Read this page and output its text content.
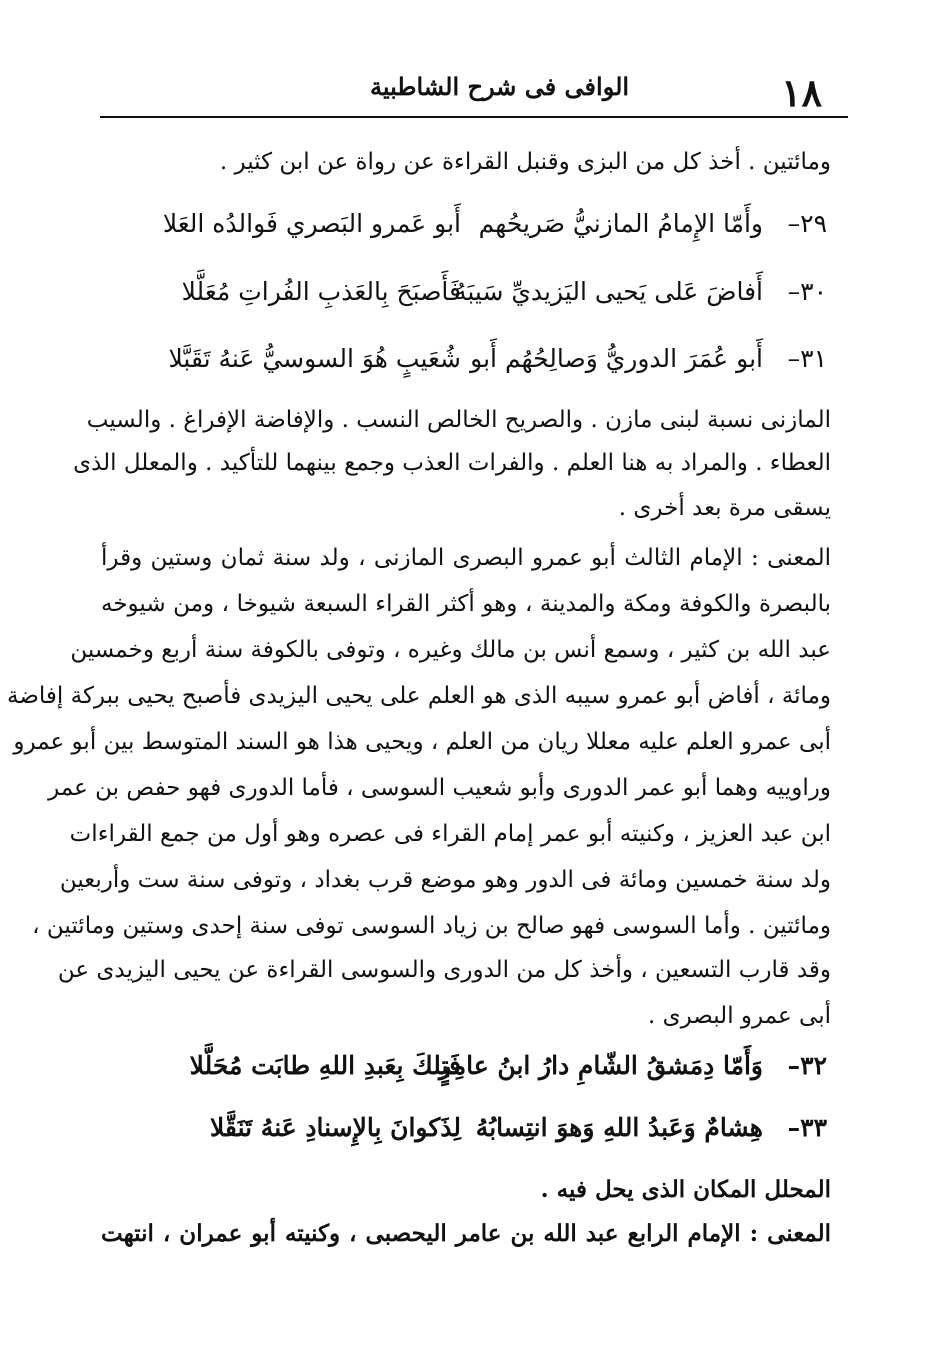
١٨
الوافى فى شرح الشاطبية
ومائتين . أخذ كل من البزى وقنبل القراءة عن رواة عن ابن كثير .
٢٩–
وأَمّا الإِمامُ المازنيُّ صَريحُهم
أَبو عَمرو البَصري فَوالدُه العَلا
٣٠–
أَفاضَ عَلى يَحيى اليَزيديِّ سَيبَهُ
فَأَصبَحَ بِالعَذبِ الفُراتِ مُعَلَّلا
٣١–
أَبو عُمَرَ الدوريُّ وَصالِحُهُم أَبو
شُعَيبٍ هُوَ السوسيُّ عَنهُ تَقَبَّلا
المازنى نسبة لبنى مازن . والصريح الخالص النسب . والإفاضة الإفراغ . والسيب
العطاء . والمراد به هنا العلم . والفرات العذب وجمع بينهما للتأكيد . والمعلل الذى
يسقى مرة بعد أخرى .
المعنى : الإمام الثالث أبو عمرو البصرى المازنى ، ولد سنة ثمان وستين وقرأ
بالبصرة والكوفة ومكة والمدينة ، وهو أكثر القراء السبعة شيوخا ، ومن شيوخه
عبد الله بن كثير ، وسمع أنس بن مالك وغيره ، وتوفى بالكوفة سنة أربع وخمسين
ومائة ، أفاض أبو عمرو سيبه الذى هو العلم على يحيى اليزيدى فأصبح يحيى ببركة إفاضة
أبى عمرو العلم عليه معللا ريان من العلم ، ويحيى هذا هو السند المتوسط بين أبو عمرو
وراوييه وهما أبو عمر الدورى وأبو شعيب السوسى ، فأما الدورى فهو حفص بن عمر
ابن عبد العزيز ، وكنيته أبو عمر إمام القراء فى عصره وهو أول من جمع القراءات
ولد سنة خمسين ومائة فى الدور وهو موضع قرب بغداد ، وتوفى سنة ست وأربعين
ومائتين . وأما السوسى فهو صالح بن زياد السوسى توفى سنة إحدى وستين ومائتين ،
وقد قارب التسعين ، وأخذ كل من الدورى والسوسى القراءة عن يحيى اليزيدى عن
أبى عمرو البصرى .
٣٢–
وَأَمّا دِمَشقُ الشّامِ دارُ ابنُ عامِرٍ
فَتِلكَ بِعَبدِ اللهِ طابَت مُحَلَّلا
٣٣–
هِشامٌ وَعَبدُ اللهِ وَهوَ انتِسابُهُ
لِذَكوانَ بِالإِسنادِ عَنهُ تَنَقَّلا
المحلل المكان الذى يحل فيه .
المعنى : الإمام الرابع عبد الله بن عامر اليحصبى ، وكنيته أبو عمران ، انتهت
